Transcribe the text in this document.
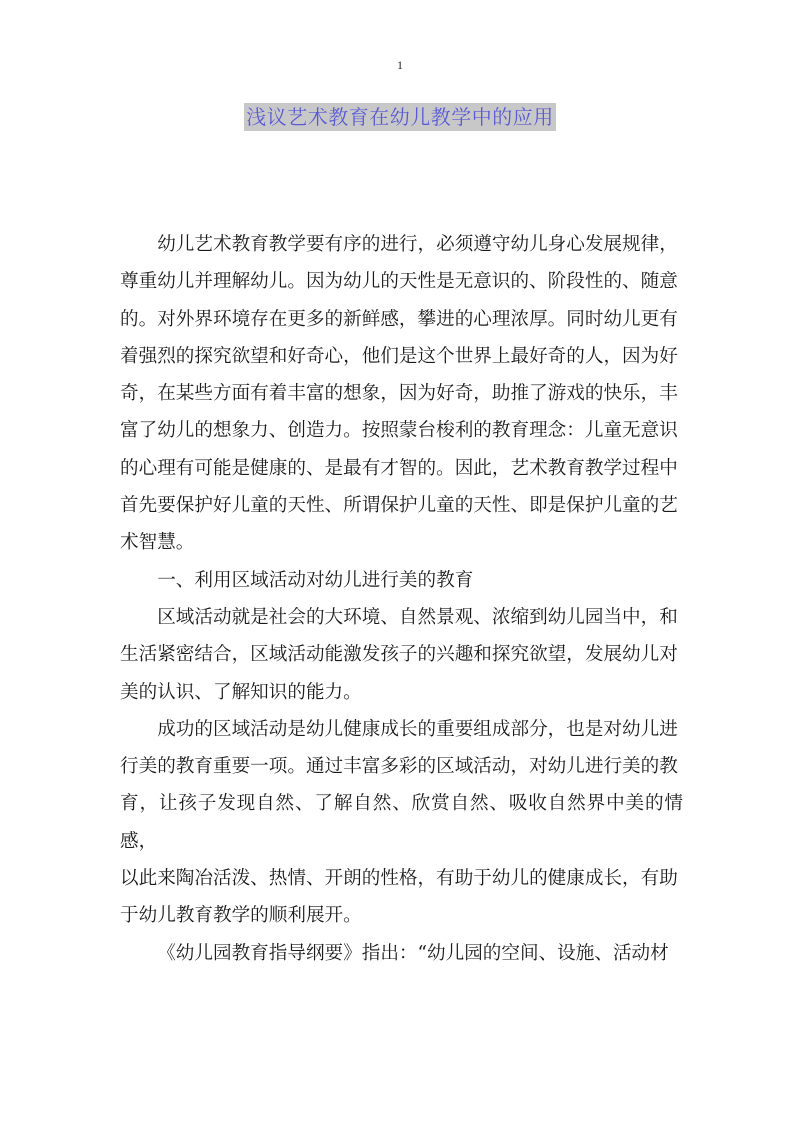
1
浅议艺术教育在幼儿教学中的应用

幼儿艺术教育教学要有序的进行，必须遵守幼儿身心发展规律，
尊重幼儿并理解幼儿。因为幼儿的天性是无意识的、阶段性的、随意
的。对外界环境存在更多的新鲜感，攀进的心理浓厚。同时幼儿更有
着强烈的探究欲望和好奇心，他们是这个世界上最好奇的人，因为好
奇，在某些方面有着丰富的想象，因为好奇，助推了游戏的快乐，丰
富了幼儿的想象力、创造力。按照蒙台梭利的教育理念：儿童无意识
的心理有可能是健康的、是最有才智的。因此，艺术教育教学过程中
首先要保护好儿童的天性、所谓保护儿童的天性、即是保护儿童的艺
术智慧。

一、利用区域活动对幼儿进行美的教育

区域活动就是社会的大环境、自然景观、浓缩到幼儿园当中，和
生活紧密结合，区域活动能激发孩子的兴趣和探究欲望，发展幼儿对
美的认识、了解知识的能力。

成功的区域活动是幼儿健康成长的重要组成部分，也是对幼儿进
行美的教育重要一项。通过丰富多彩的区域活动，对幼儿进行美的教
育，让孩子发现自然、了解自然、欣赏自然、吸收自然界中美的情感，
以此来陶冶活泼、热情、开朗的性格，有助于幼儿的健康成长，有助
于幼儿教育教学的顺利展开。

《幼儿园教育指导纲要》指出：“幼儿园的空间、设施、活动材
